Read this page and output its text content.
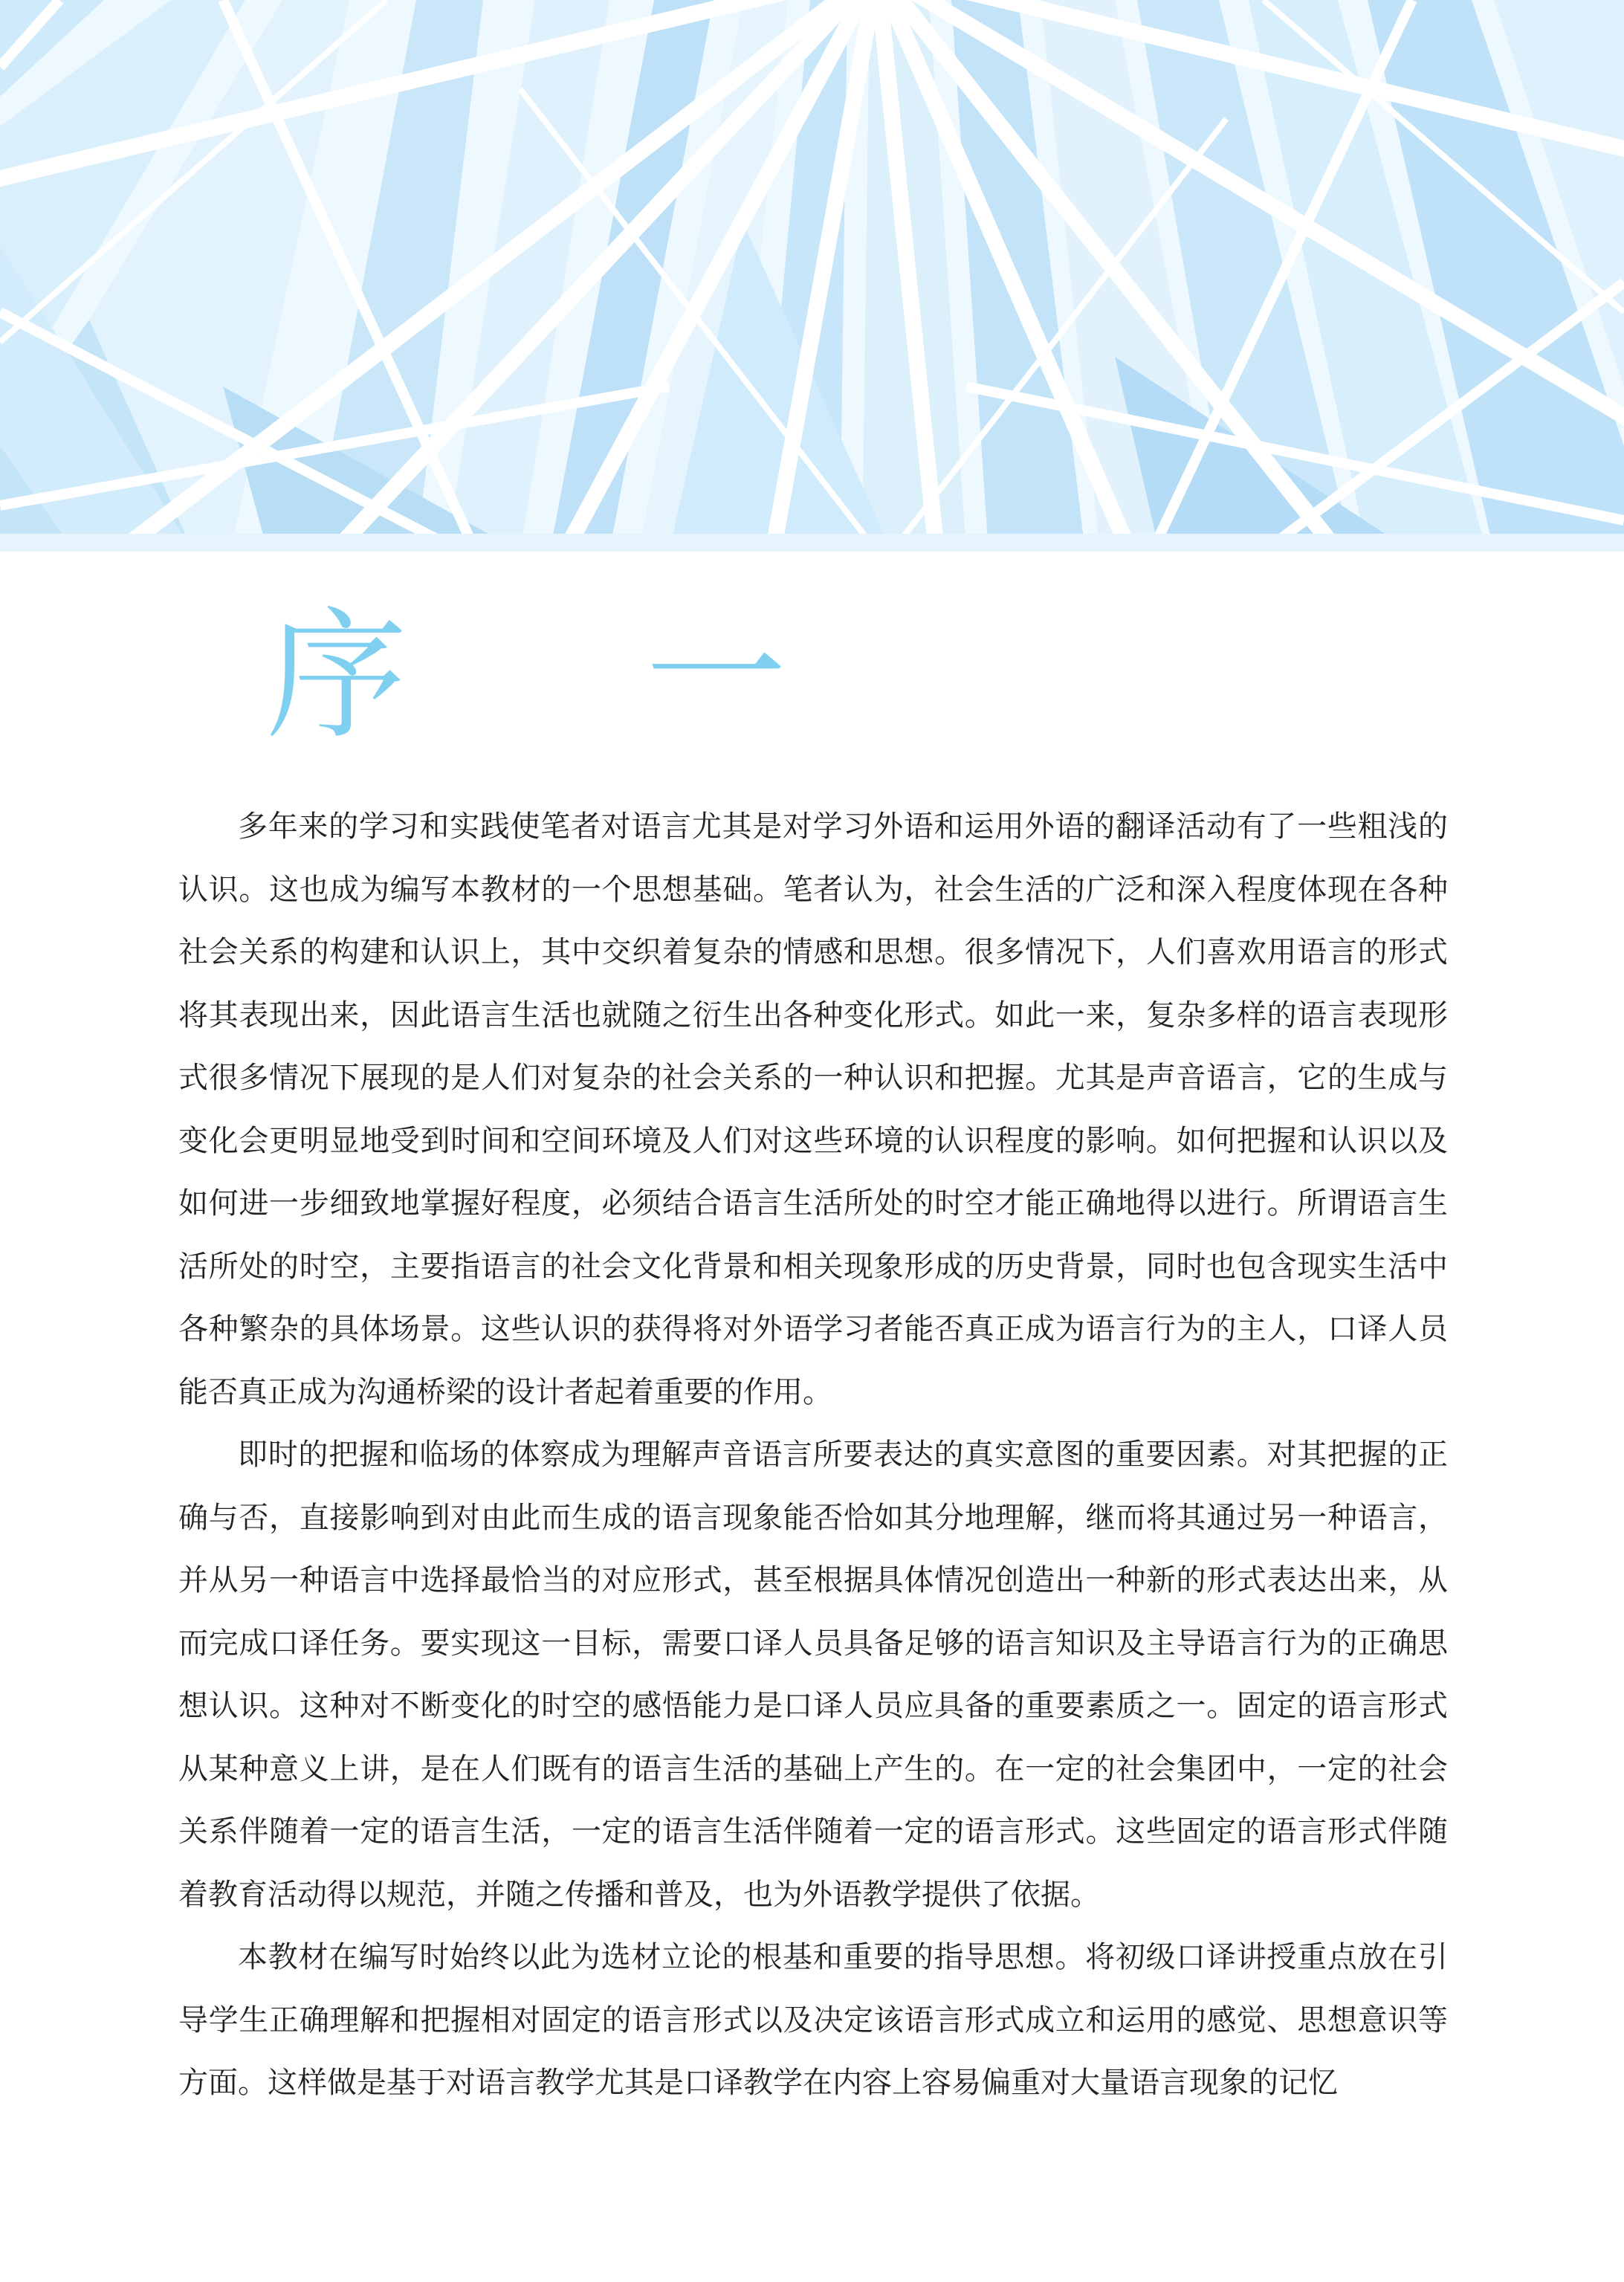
序 一

多年来的学习和实践使笔者对语言尤其是对学习外语和运用外语的翻译活动有了一些粗浅的认识。这也成为编写本教材的一个思想基础。笔者认为，社会生活的广泛和深入程度体现在各种社会关系的构建和认识上，其中交织着复杂的情感和思想。很多情况下，人们喜欢用语言的形式将其表现出来，因此语言生活也就随之衍生出各种变化形式。如此一来，复杂多样的语言表现形式很多情况下展现的是人们对复杂的社会关系的一种认识和把握。尤其是声音语言，它的生成与变化会更明显地受到时间和空间环境及人们对这些环境的认识程度的影响。如何把握和认识以及如何进一步细致地掌握好程度，必须结合语言生活所处的时空才能正确地得以进行。所谓语言生活所处的时空，主要指语言的社会文化背景和相关现象形成的历史背景，同时也包含现实生活中各种繁杂的具体场景。这些认识的获得将对外语学习者能否真正成为语言行为的主人，口译人员能否真正成为沟通桥梁的设计者起着重要的作用。

即时的把握和临场的体察成为理解声音语言所要表达的真实意图的重要因素。对其把握的正确与否，直接影响到对由此而生成的语言现象能否恰如其分地理解，继而将其通过另一种语言，并从另一种语言中选择最恰当的对应形式，甚至根据具体情况创造出一种新的形式表达出来，从而完成口译任务。要实现这一目标，需要口译人员具备足够的语言知识及主导语言行为的正确思想认识。这种对不断变化的时空的感悟能力是口译人员应具备的重要素质之一。固定的语言形式从某种意义上讲，是在人们既有的语言生活的基础上产生的。在一定的社会集团中，一定的社会关系伴随着一定的语言生活，一定的语言生活伴随着一定的语言形式。这些固定的语言形式伴随着教育活动得以规范，并随之传播和普及，也为外语教学提供了依据。

本教材在编写时始终以此为选材立论的根基和重要的指导思想。将初级口译讲授重点放在引导学生正确理解和把握相对固定的语言形式以及决定该语言形式成立和运用的感觉、思想意识等方面。这样做是基于对语言教学尤其是口译教学在内容上容易偏重对大量语言现象的记忆
